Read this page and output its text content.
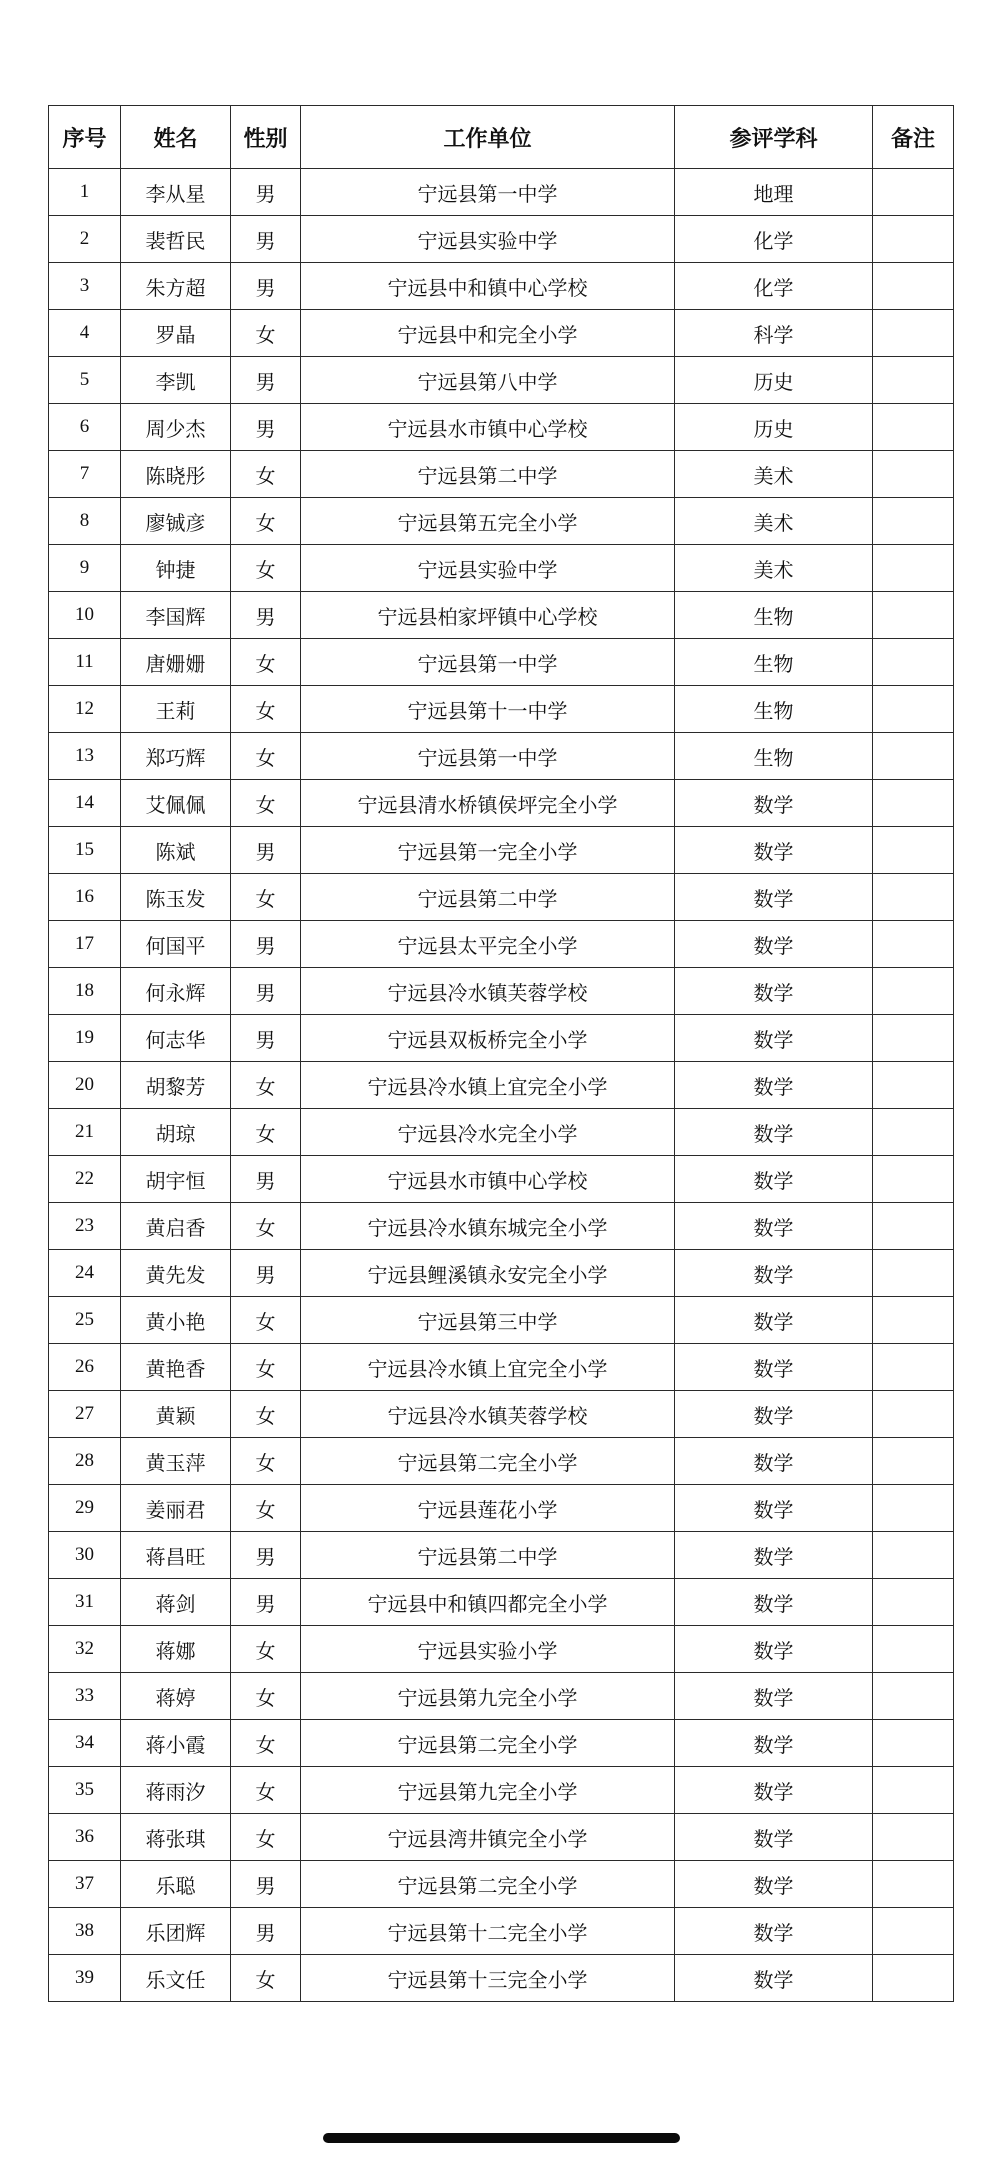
序号	姓名	性别	工作单位	参评学科	备注
1	李从星	男	宁远县第一中学	地理	
2	裴哲民	男	宁远县实验中学	化学	
3	朱方超	男	宁远县中和镇中心学校	化学	
4	罗晶	女	宁远县中和完全小学	科学	
5	李凯	男	宁远县第八中学	历史	
6	周少杰	男	宁远县水市镇中心学校	历史	
7	陈晓彤	女	宁远县第二中学	美术	
8	廖铖彦	女	宁远县第五完全小学	美术	
9	钟捷	女	宁远县实验中学	美术	
10	李国辉	男	宁远县柏家坪镇中心学校	生物	
11	唐姗姗	女	宁远县第一中学	生物	
12	王莉	女	宁远县第十一中学	生物	
13	郑巧辉	女	宁远县第一中学	生物	
14	艾佩佩	女	宁远县清水桥镇侯坪完全小学	数学	
15	陈斌	男	宁远县第一完全小学	数学	
16	陈玉发	女	宁远县第二中学	数学	
17	何国平	男	宁远县太平完全小学	数学	
18	何永辉	男	宁远县冷水镇芙蓉学校	数学	
19	何志华	男	宁远县双板桥完全小学	数学	
20	胡黎芳	女	宁远县冷水镇上宜完全小学	数学	
21	胡琼	女	宁远县冷水完全小学	数学	
22	胡宇恒	男	宁远县水市镇中心学校	数学	
23	黄启香	女	宁远县冷水镇东城完全小学	数学	
24	黄先发	男	宁远县鲤溪镇永安完全小学	数学	
25	黄小艳	女	宁远县第三中学	数学	
26	黄艳香	女	宁远县冷水镇上宜完全小学	数学	
27	黄颖	女	宁远县冷水镇芙蓉学校	数学	
28	黄玉萍	女	宁远县第二完全小学	数学	
29	姜丽君	女	宁远县莲花小学	数学	
30	蒋昌旺	男	宁远县第二中学	数学	
31	蒋剑	男	宁远县中和镇四都完全小学	数学	
32	蒋娜	女	宁远县实验小学	数学	
33	蒋婷	女	宁远县第九完全小学	数学	
34	蒋小霞	女	宁远县第二完全小学	数学	
35	蒋雨汐	女	宁远县第九完全小学	数学	
36	蒋张琪	女	宁远县湾井镇完全小学	数学	
37	乐聪	男	宁远县第二完全小学	数学	
38	乐团辉	男	宁远县第十二完全小学	数学	
39	乐文任	女	宁远县第十三完全小学	数学	
